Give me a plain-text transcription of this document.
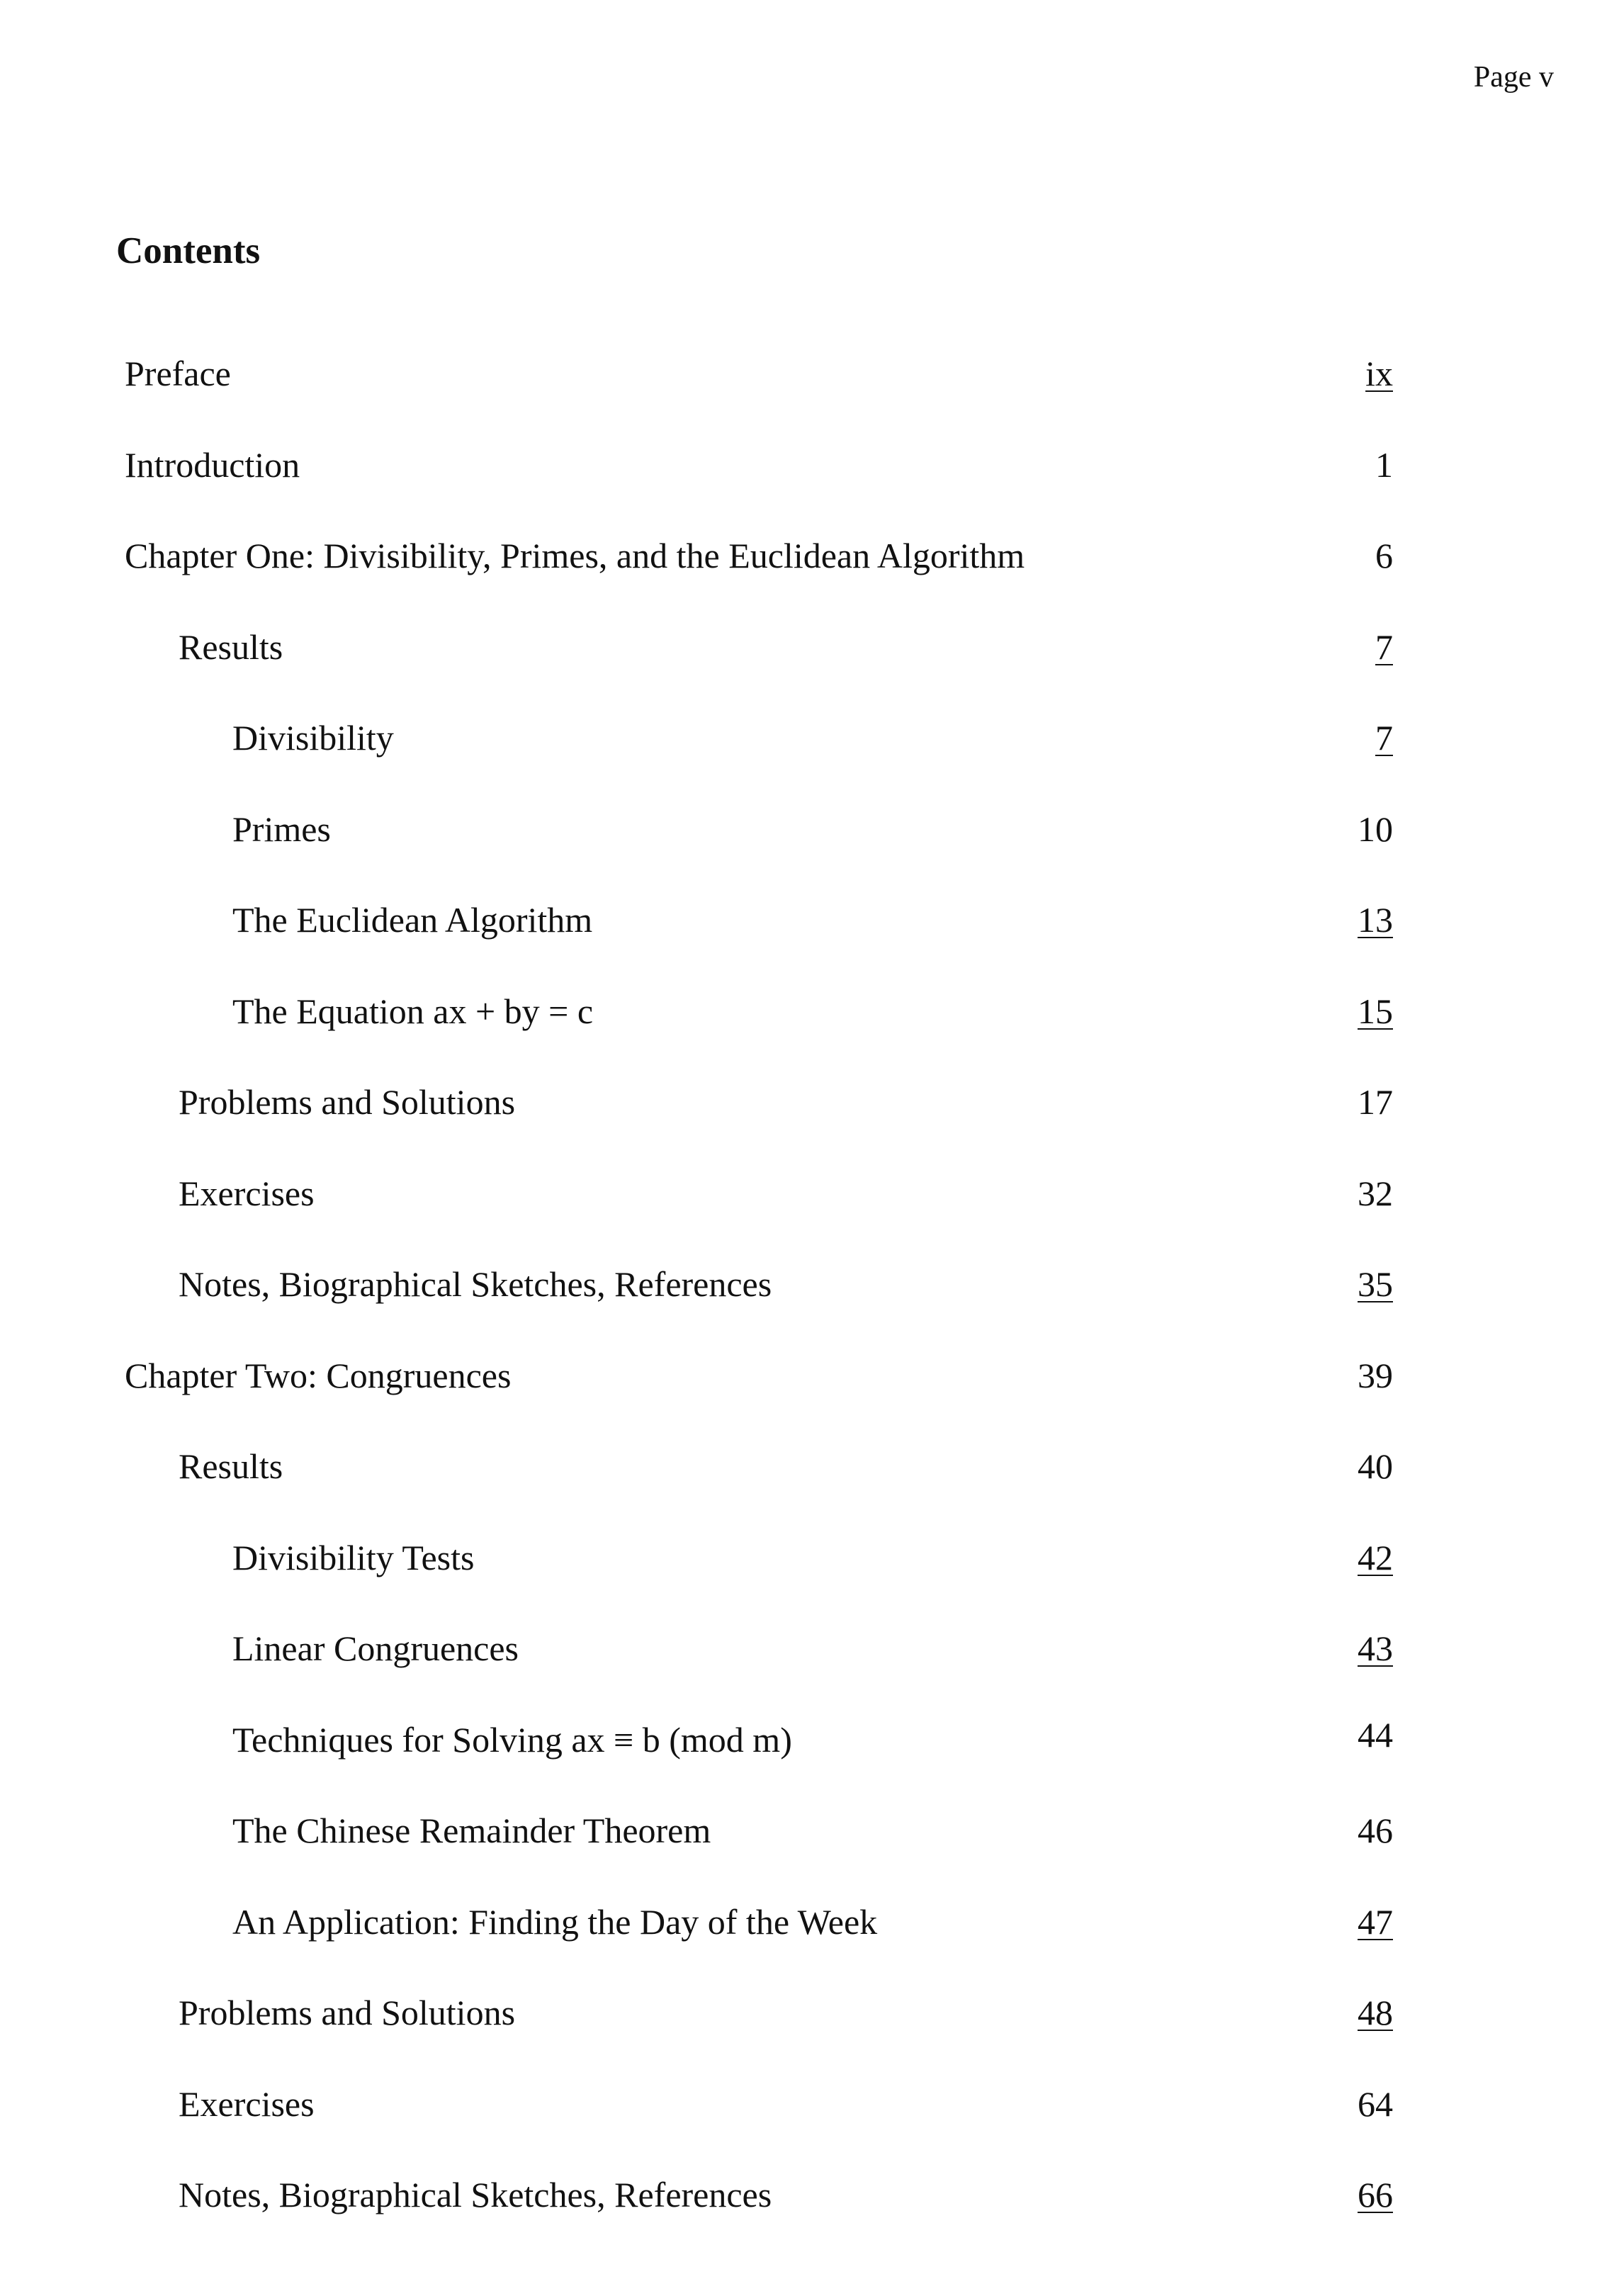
Page v
Contents
Preface	ix
Introduction	1
Chapter One: Divisibility, Primes, and the Euclidean Algorithm	6
Results	7
Divisibility	7
Primes	10
The Euclidean Algorithm	13
The Equation ax + by = c	15
Problems and Solutions	17
Exercises	32
Notes, Biographical Sketches, References	35
Chapter Two: Congruences	39
Results	40
Divisibility Tests	42
Linear Congruences	43
Techniques for Solving ax ≡ b (mod m)	44
The Chinese Remainder Theorem	46
An Application: Finding the Day of the Week	47
Problems and Solutions	48
Exercises	64
Notes, Biographical Sketches, References	66
